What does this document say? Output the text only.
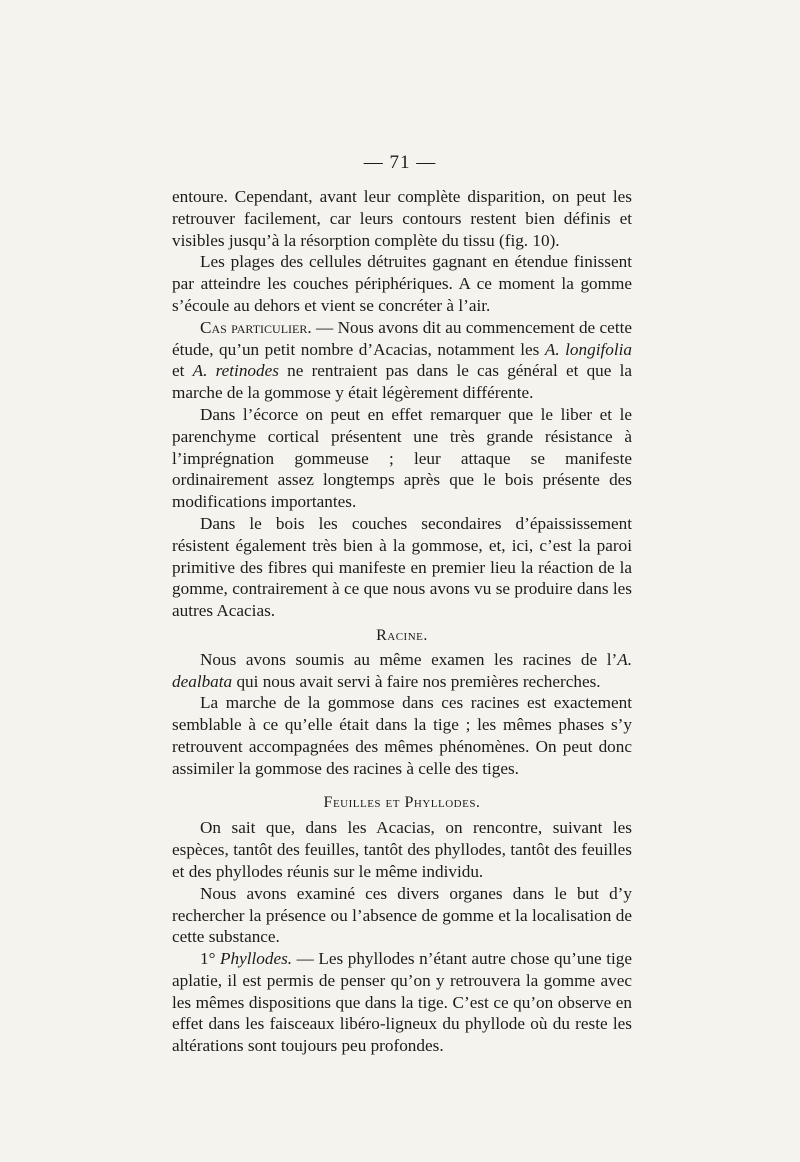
— 71 —

entoure. Cependant, avant leur complète disparition, on peut les retrouver facilement, car leurs contours restent bien définis et visibles jusqu’à la résorption complète du tissu (fig. 10).

Les plages des cellules détruites gagnant en étendue finissent par atteindre les couches périphériques. A ce moment la gomme s’écoule au dehors et vient se concréter à l’air.

Cas particulier. — Nous avons dit au commencement de cette étude, qu’un petit nombre d’Acacias, notamment les A. longifolia et A. retinodes ne rentraient pas dans le cas général et que la marche de la gommose y était légèrement différente.

Dans l’écorce on peut en effet remarquer que le liber et le parenchyme cortical présentent une très grande résistance à l’imprégnation gommeuse ; leur attaque se manifeste ordinairement assez longtemps après que le bois présente des modifications importantes.

Dans le bois les couches secondaires d’épaississement résistent également très bien à la gommose, et, ici, c’est la paroi primitive des fibres qui manifeste en premier lieu la réaction de la gomme, contrairement à ce que nous avons vu se produire dans les autres Acacias.

Racine.

Nous avons soumis au même examen les racines de l’A. dealbata qui nous avait servi à faire nos premières recherches.

La marche de la gommose dans ces racines est exactement semblable à ce qu’elle était dans la tige ; les mêmes phases s’y retrouvent accompagnées des mêmes phénomènes. On peut donc assimiler la gommose des racines à celle des tiges.

Feuilles et Phyllodes.

On sait que, dans les Acacias, on rencontre, suivant les espèces, tantôt des feuilles, tantôt des phyllodes, tantôt des feuilles et des phyllodes réunis sur le même individu.

Nous avons examiné ces divers organes dans le but d’y rechercher la présence ou l’absence de gomme et la localisation de cette substance.

1° Phyllodes. — Les phyllodes n’étant autre chose qu’une tige aplatie, il est permis de penser qu’on y retrouvera la gomme avec les mêmes dispositions que dans la tige. C’est ce qu’on observe en effet dans les faisceaux libéro-ligneux du phyllode où du reste les altérations sont toujours peu profondes.
